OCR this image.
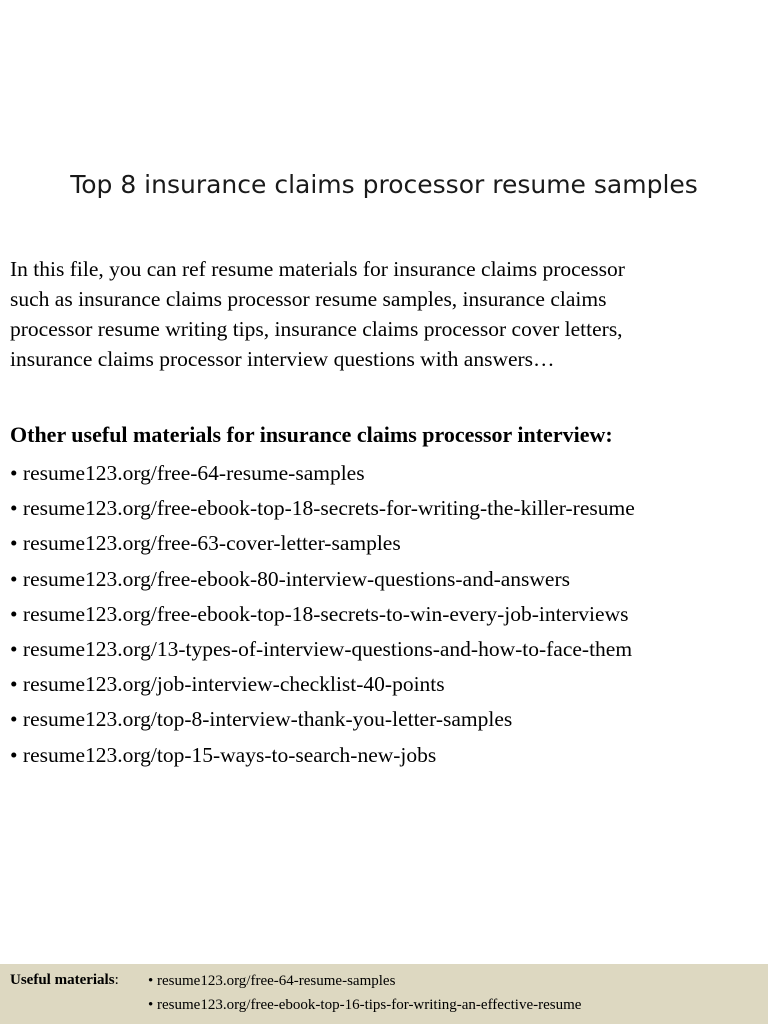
Top 8 insurance claims processor resume samples
In this file, you can ref resume materials for insurance claims processor
such as insurance claims processor resume samples, insurance claims
processor resume writing tips, insurance claims processor cover letters,
insurance claims processor interview questions with answers…
Other useful materials for insurance claims processor interview:
• resume123.org/free-64-resume-samples
• resume123.org/free-ebook-top-18-secrets-for-writing-the-killer-resume
• resume123.org/free-63-cover-letter-samples
• resume123.org/free-ebook-80-interview-questions-and-answers
• resume123.org/free-ebook-top-18-secrets-to-win-every-job-interviews
• resume123.org/13-types-of-interview-questions-and-how-to-face-them
• resume123.org/job-interview-checklist-40-points
• resume123.org/top-8-interview-thank-you-letter-samples
• resume123.org/top-15-ways-to-search-new-jobs
Useful materials: • resume123.org/free-64-resume-samples
• resume123.org/free-ebook-top-16-tips-for-writing-an-effective-resume
